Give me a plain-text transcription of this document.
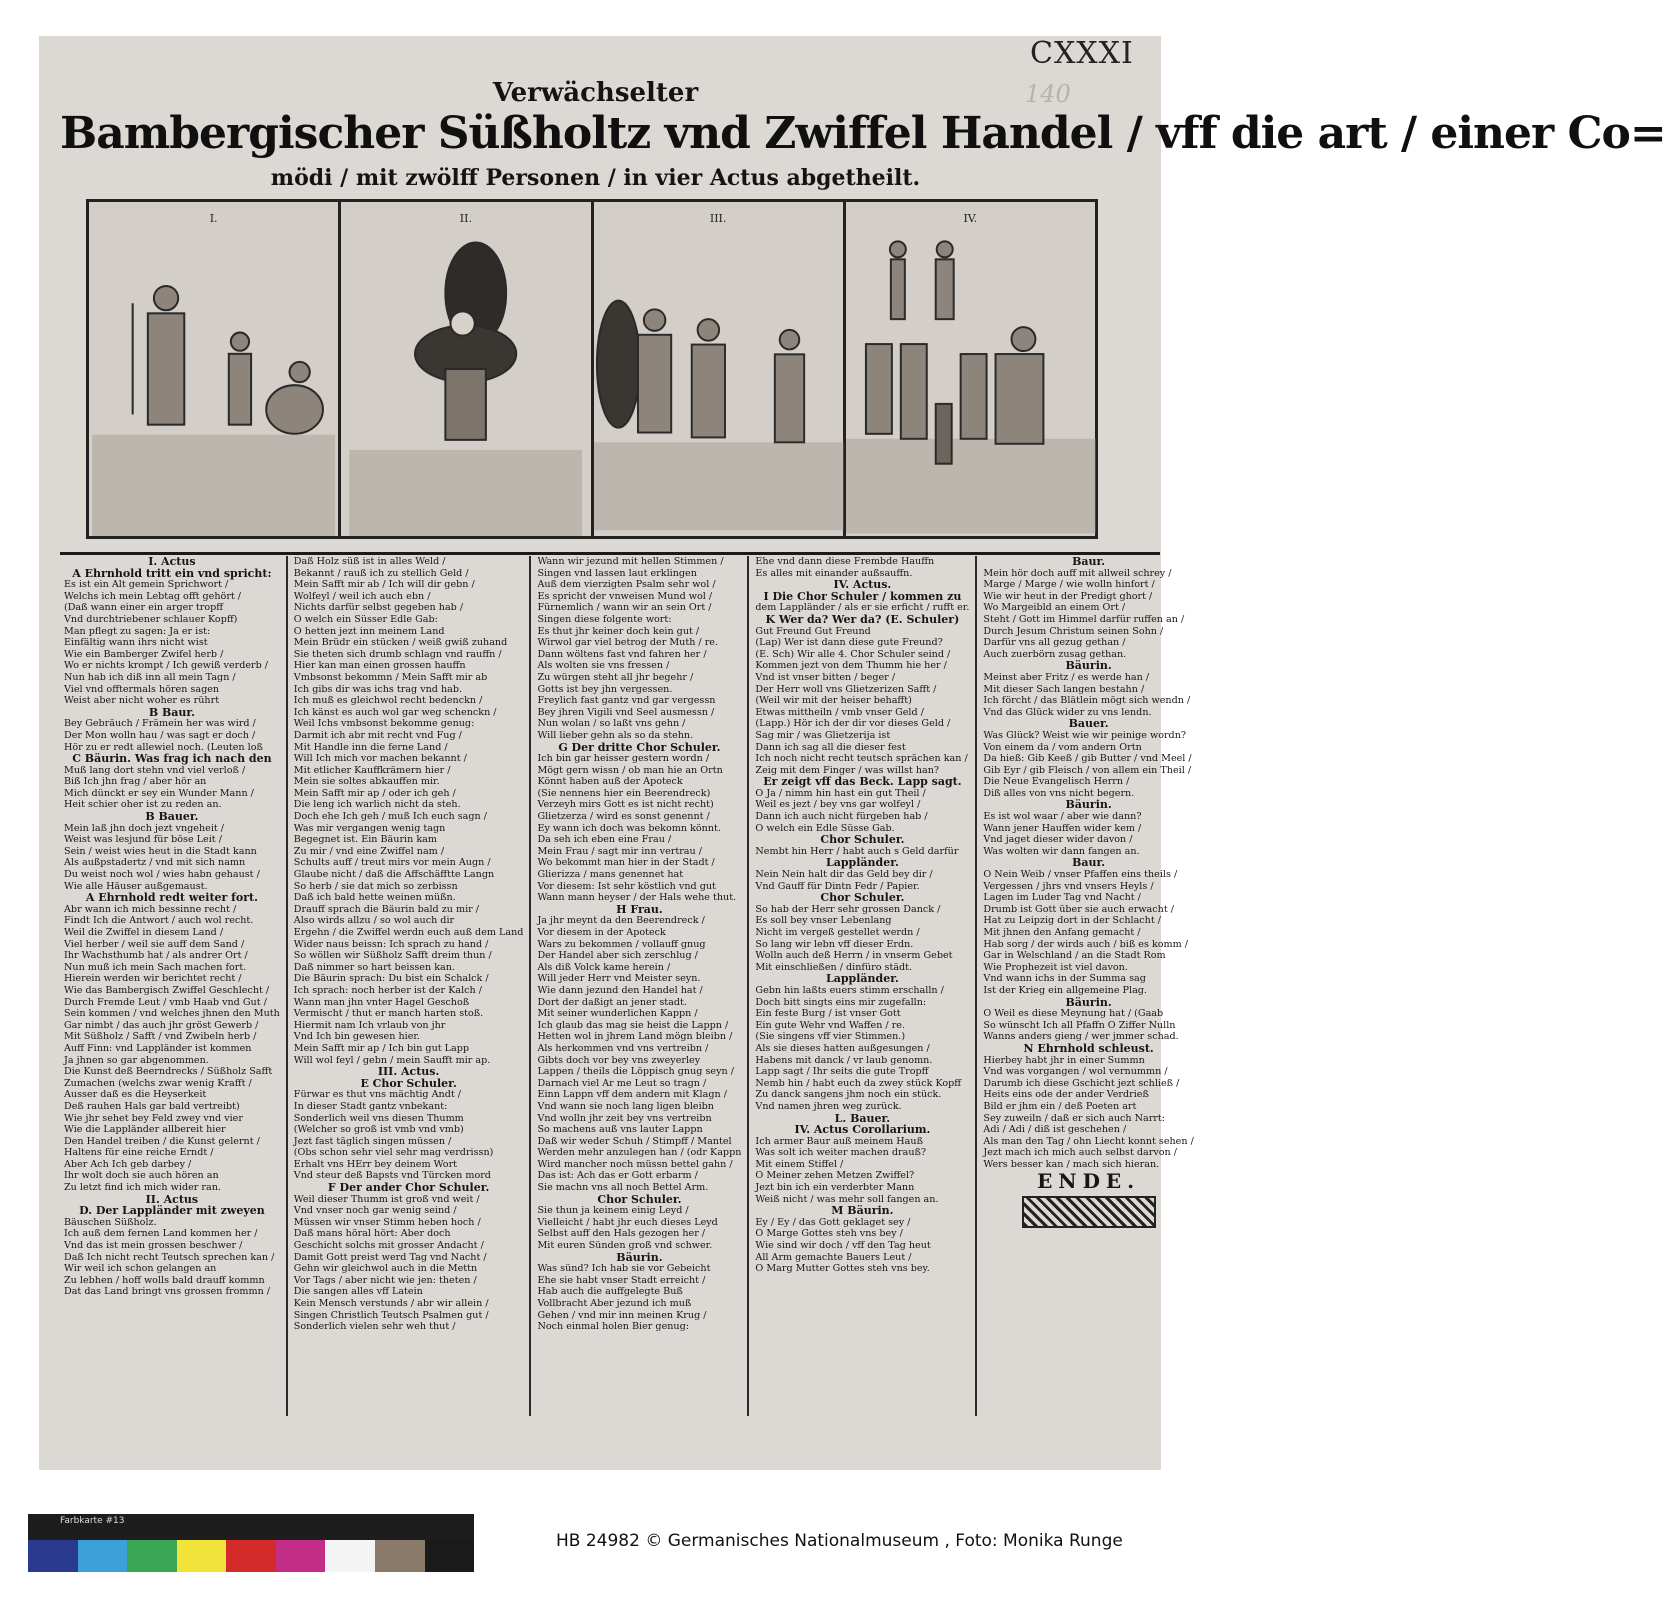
CXXXI
140
Verwächselter
Bambergischer Süßholtz vnd Zwiffel Handel / vff die art / einer Co=
mödi / mit zwölff Personen / in vier Actus abgetheilt.
I.	II.	III.	IV.
I. Actus
A Ehrnhold tritt ein vnd spricht:
Es ist ein Alt gemein Sprichwort /
Welchs ich mein Lebtag offt gehört /
(Daß wann einer ein arger tropff
Vnd durchtriebener schlauer Kopff)
Man pflegt zu sagen: Ja er ist:
Einfältig wann ihrs nicht wist
Wie ein Bamberger Zwifel herb /
Wo er nichts krompt / Ich gewiß verderb /
Nun hab ich diß inn all mein Tagn /
Viel vnd offtermals hören sagen
Weist aber nicht woher es rührt
B Baur.
Bey Gebräuch / Främein her was wird /
Der Mon wolln hau / was sagt er doch /
Hör zu er redt allewiel noch. (Leuten loß
C Bäurin. Was frag ich nach den
Muß lang dort stehn vnd viel verloß /
Biß Ich jhn frag / aber hör an
Mich dünckt er sey ein Wunder Mann /
Heit schier oher ist zu reden an.
B Bauer.
Mein laß jhn doch jezt vngeheit /
Weist was lesjund für böse Leit /
Sein / weist wies heut in die Stadt kann
Als außpstadertz / vnd mit sich namn
Du weist noch wol / wies habn gehaust /
Wie alle Häuser außgemaust.
A Ehrnhold redt weiter fort.
Abr wann ich mich bessinne recht /
Findt Ich die Antwort / auch wol recht.
Weil die Zwiffel in diesem Land /
Viel herber / weil sie auff dem Sand /
Ihr Wachsthumb hat / als andrer Ort /
Nun muß ich mein Sach machen fort.
Hierein werden wir berichtet recht /
Wie das Bambergisch Zwiffel Geschlecht /
Durch Fremde Leut / vmb Haab vnd Gut /
Sein kommen / vnd welches jhnen den Muth
Gar nimbt / das auch jhr gröst Gewerb /
Mit Süßholz / Safft / vnd Zwibeln herb /
Auff Finn: vnd Lappländer ist kommen
Ja jhnen so gar abgenommen.
Die Kunst deß Beerndrecks / Süßholz Safft
Zumachen (welchs zwar wenig Krafft /
Ausser daß es die Heyserkeit
Deß rauhen Hals gar bald vertreibt)
Wie jhr sehet bey Feld zwey vnd vier
Wie die Lappländer allbereit hier
Den Handel treiben / die Kunst gelernt /
Haltens für eine reiche Erndt /
Aber Ach Ich geb darbey /
Ihr wolt doch sie auch hören an
Zu letzt find ich mich wider ran.
II. Actus
D. Der Lappländer mit zweyen
Bäuschen Süßholz.
Ich auß dem fernen Land kommen her /
Vnd das ist mein grossen beschwer /
Daß Ich nicht recht Teutsch sprechen kan /
Wir weil ich schon gelangen an
Zu lebhen / hoff wolls bald drauff kommn
Dat das Land bringt vns grossen frommn /
Daß Holz süß ist in alles Weld /
Bekannt / rauß ich zu stellich Geld /
Mein Safft mir ab / Ich will dir gebn /
Wolfeyl / weil ich auch ebn /
Nichts darfür selbst gegeben hab /
O welch ein Süsser Edle Gab:
O hetten jezt inn meinem Land
Mein Brüdr ein stücken / weiß gwiß zuhand
Sie theten sich drumb schlagn vnd rauffn /
Hier kan man einen grossen hauffn
Vmbsonst bekommn / Mein Safft mir ab
Ich gibs dir was ichs trag vnd hab.
Ich muß es gleichwol recht bedenckn /
Ich känst es auch wol gar weg schenckn /
Weil Ichs vmbsonst bekomme genug:
Darmit ich abr mit recht vnd Fug /
Mit Handle inn die ferne Land /
Will Ich mich vor machen bekannt /
Mit etlicher Kauffkrämern hier /
Mein sie soltes abkauffen mir.
Mein Safft mir ap / oder ich geh /
Die leng ich warlich nicht da steh.
Doch ehe Ich geh / muß Ich euch sagn /
Was mir vergangen wenig tagn
Begegnet ist. Ein Bäurin kam
Zu mir / vnd eine Zwiffel nam /
Schults auff / treut mirs vor mein Augn /
Glaube nicht / daß die Affschäfftte Langn
So herb / sie dat mich so zerbissn
Daß ich bald hette weinen müßn.
Drauff sprach die Bäurin bald zu mir /
Also wirds allzu / so wol auch dir
Ergehn / die Zwiffel werdn euch auß dem Land
Wider naus beissn: Ich sprach zu hand /
So wöllen wir Süßholz Safft dreim thun /
Daß nimmer so hart beissen kan.
Die Bäurin sprach: Du bist ein Schalck /
Ich sprach: noch herber ist der Kalch /
Wann man jhn vnter Hagel Geschoß
Vermischt / thut er manch harten stoß.
Hiermit nam Ich vrlaub von jhr
Vnd Ich bin gewesen hier.
Mein Safft mir ap / Ich bin gut Lapp
Will wol feyl / gebn / mein Saufft mir ap.
III. Actus.
E Chor Schuler.
Fürwar es thut vns mächtig Andt /
In dieser Stadt gantz vnbekant:
Sonderlich weil vns diesen Thumm
(Welcher so groß ist vmb vnd vmb)
Jezt fast täglich singen müssen /
(Obs schon sehr viel sehr mag verdrissn)
Erhalt vns HErr bey deinem Wort
Vnd steur deß Bapsts vnd Türcken mord
F Der ander Chor Schuler.
Weil dieser Thumm ist groß vnd weit /
Vnd vnser noch gar wenig seind /
Müssen wir vnser Stimm heben hoch /
Daß mans höral hört: Aber doch
Geschicht solchs mit grosser Andacht /
Damit Gott preist werd Tag vnd Nacht /
Gehn wir gleichwol auch in die Mettn
Vor Tags / aber nicht wie jen: theten /
Die sangen alles vff Latein
Kein Mensch verstunds / abr wir allein /
Singen Christlich Teutsch Psalmen gut /
Sonderlich vielen sehr weh thut /
Wann wir jezund mit hellen Stimmen /
Singen vnd lassen laut erklingen
Auß dem vierzigten Psalm sehr wol /
Es spricht der vnweisen Mund wol /
Fürnemlich / wann wir an sein Ort /
Singen diese folgente wort:
Es thut jhr keiner doch kein gut /
Wirwol gar viel betrog der Muth / re.
Dann wöltens fast vnd fahren her /
Als wolten sie vns fressen /
Zu würgen steht all jhr begehr /
Gotts ist bey jhn vergessen.
Freylich fast gantz vnd gar vergessn
Bey jhren Vigili vnd Seel ausmessn /
Nun wolan / so laßt vns gehn /
Will lieber gehn als so da stehn.
G Der dritte Chor Schuler.
Ich bin gar heisser gestern wordn /
Mögt gern wissn / ob man hie an Ortn
Könnt haben auß der Apoteck
(Sie nennens hier ein Beerendreck)
Verzeyh mirs Gott es ist nicht recht)
Glietzerza / wird es sonst genennt /
Ey wann ich doch was bekomn könnt.
Da seh ich eben eine Frau /
Mein Frau / sagt mir inn vertrau /
Wo bekommt man hier in der Stadt /
Glierizza / mans genennet hat
Vor diesem: Ist sehr köstlich vnd gut
Wann mann heyser / der Hals wehe thut.
H Frau.
Ja jhr meynt da den Beerendreck /
Vor diesem in der Apoteck
Wars zu bekommen / vollauff gnug
Der Handel aber sich zerschlug /
Als diß Volck kame herein /
Will jeder Herr vnd Meister seyn.
Wie dann jezund den Handel hat /
Dort der daßigt an jener stadt.
Mit seiner wunderlichen Kappn /
Ich glaub das mag sie heist die Lappn /
Hetten wol in jhrem Land mögn bleibn /
Als herkommen vnd vns vertreibn /
Gibts doch vor bey vns zweyerley
Lappen / theils die Löppisch gnug seyn /
Darnach viel Ar me Leut so tragn /
Einn Lappn vff dem andern mit Klagn /
Vnd wann sie noch lang ligen bleibn
Vnd wolln jhr zeit bey vns vertreibn
So machens auß vns lauter Lappn
Daß wir weder Schuh / Stimpff / Mantel
Werden mehr anzulegen han / (odr Kappn
Wird mancher noch müssn bettel gahn /
Das ist: Ach das er Gott erbarm /
Sie machn vns all noch Bettel Arm.
Chor Schuler.
Sie thun ja keinem einig Leyd /
Vielleicht / habt jhr euch dieses Leyd
Selbst auff den Hals gezogen her /
Mit euren Sünden groß vnd schwer.
Bäurin.
Was sünd? Ich hab sie vor Gebeicht
Ehe sie habt vnser Stadt erreicht /
Hab auch die auffgelegte Buß
Vollbracht Aber jezund ich muß
Gehen / vnd mir inn meinen Krug /
Noch einmal holen Bier genug:
Ehe vnd dann diese Frembde Hauffn
Es alles mit einander außsauffn.
IV. Actus.
I Die Chor Schuler / kommen zu
dem Lappländer / als er sie erficht / rufft er.
K Wer da? Wer da? (E. Schuler)
Gut Freund Gut Freund
(Lap) Wer ist dann diese gute Freund?
(E. Sch) Wir alle 4. Chor Schuler seind /
Kommen jezt von dem Thumm hie her /
Vnd ist vnser bitten / beger /
Der Herr woll vns Glietzerizen Safft /
(Weil wir mit der heiser behafft)
Etwas mittheiln / vmb vnser Geld /
(Lapp.) Hör ich der dir vor dieses Geld /
Sag mir / was Glietzerija ist
Dann ich sag all die dieser fest
Ich noch nicht recht teutsch sprächen kan /
Zeig mit dem Finger / was willst han?
Er zeigt vff das Beck. Lapp sagt.
O Ja / nimm hin hast ein gut Theil /
Weil es jezt / bey vns gar wolfeyl /
Dann ich auch nicht fürgeben hab /
O welch ein Edle Süsse Gab.
Chor Schuler.
Nembt hin Herr / habt auch s Geld darfür
Lappländer.
Nein Nein halt dir das Geld bey dir /
Vnd Gauff für Dintn Fedr / Papier.
Chor Schuler.
So hab der Herr sehr grossen Danck /
Es soll bey vnser Lebenlang
Nicht im vergeß gestellet werdn /
So lang wir lebn vff dieser Erdn.
Wolln auch deß Herrn / in vnserm Gebet
Mit einschließen / dinfüro städt.
Lappländer.
Gebn hin laßts euers stimm erschalln /
Doch bitt singts eins mir zugefalln:
Ein feste Burg / ist vnser Gott
Ein gute Wehr vnd Waffen / re.
(Sie singens vff vier Stimmen.)
Als sie dieses hatten außgesungen /
Habens mit danck / vr laub genomn.
Lapp sagt / Ihr seits die gute Tropff
Nemb hin / habt euch da zwey stück Kopff
Zu danck sangens jhm noch ein stück.
Vnd namen jhren weg zurück.
L. Bauer.
IV. Actus Corollarium.
Ich armer Baur auß meinem Hauß
Was solt ich weiter machen drauß?
Mit einem Stiffel /
O Meiner zehen Metzen Zwiffel?
Jezt bin ich ein verderbter Mann
Weiß nicht / was mehr soll fangen an.
M Bäurin.
Ey / Ey / das Gott geklaget sey /
O Marge Gottes steh vns bey /
Wie sind wir doch / vff den Tag heut
All Arm gemachte Bauers Leut /
O Marg Mutter Gottes steh vns bey.
Baur.
Mein hör doch auff mit allweil schrey /
Marge / Marge / wie wolln hinfort /
Wie wir heut in der Predigt ghort /
Wo Margeibld an einem Ort /
Steht / Gott im Himmel darfür ruffen an /
Durch Jesum Christum seinen Sohn /
Darfür vns all gezug gethan /
Auch zuerbörn zusag gethan.
Bäurin.
Meinst aber Fritz / es werde han /
Mit dieser Sach langen bestahn /
Ich förcht / das Blätlein mögt sich wendn /
Vnd das Glück wider zu vns lendn.
Bauer.
Was Glück? Weist wie wir peinige wordn?
Von einem da / vom andern Ortn
Da hieß: Gib Keeß / gib Butter / vnd Meel /
Gib Eyr / gib Fleisch / von allem ein Theil /
Die Neue Evangelisch Herrn /
Diß alles von vns nicht begern.
Bäurin.
Es ist wol waar / aber wie dann?
Wann jener Hauffen wider kem /
Vnd jaget dieser wider davon /
Was wolten wir dann fangen an.
Baur.
O Nein Weib / vnser Pfaffen eins theils /
Vergessen / jhrs vnd vnsers Heyls /
Lagen im Luder Tag vnd Nacht /
Drumb ist Gott über sie auch erwacht /
Hat zu Leipzig dort in der Schlacht /
Mit jhnen den Anfang gemacht /
Hab sorg / der wirds auch / biß es komm /
Gar in Welschland / an die Stadt Rom
Wie Prophezeit ist viel davon.
Vnd wann ichs in der Summa sag
Ist der Krieg ein allgemeine Plag.
Bäurin.
O Weil es diese Meynung hat / (Gaab
So wünscht Ich all Pfaffn O Ziffer Nulln
Wanns anders gieng / wer jmmer schad.
N Ehrnhold schleust.
Hierbey habt jhr in einer Summn
Vnd was vorgangen / wol vernummn /
Darumb ich diese Gschicht jezt schließ /
Heits eins ode der ander Verdrieß
Bild er jhm ein / deß Poeten art
Sey zuweiln / daß er sich auch Narrt:
Adi / Adi / diß ist geschehen /
Als man den Tag / ohn Liecht konnt sehen /
Jezt mach ich mich auch selbst darvon /
Wers besser kan / mach sich hieran.
ENDE.
Farbkarte #13
HB 24982 © Germanisches Nationalmuseum , Foto: Monika Runge
